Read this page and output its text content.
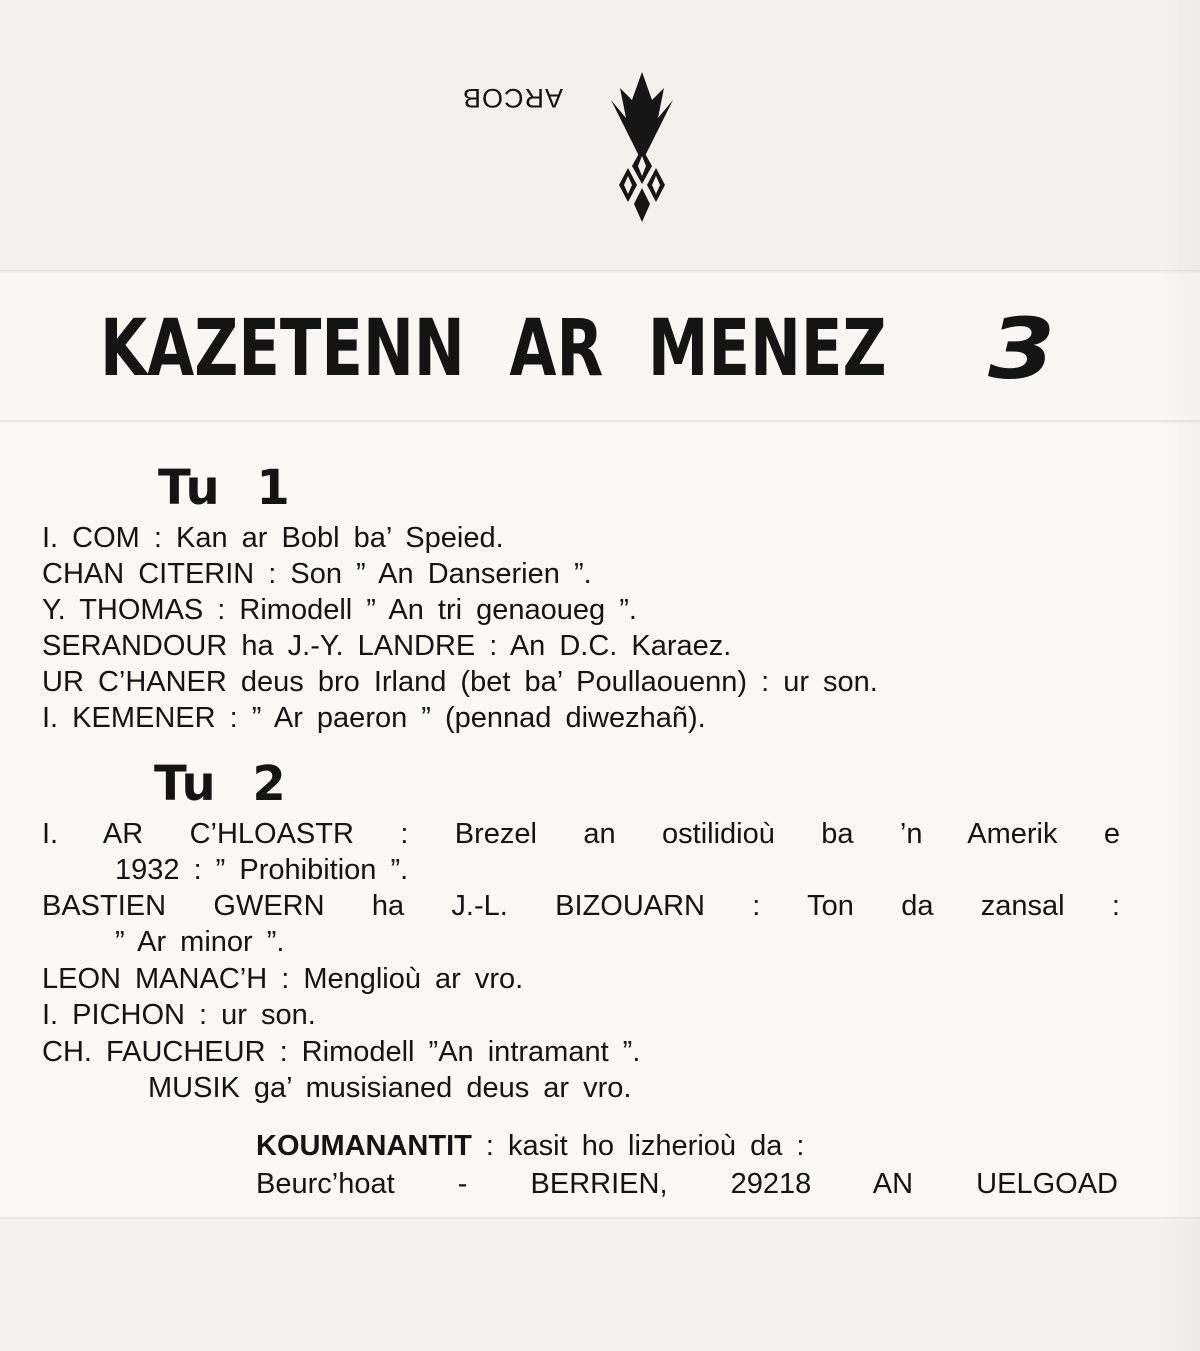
ARCOB
KAZETENN AR MENEZ 3
Tu 1
I. COM : Kan ar Bobl ba’ Speied.
CHAN CITERIN : Son ” An Danserien ”.
Y. THOMAS : Rimodell ” An tri genaoueg ”.
SERANDOUR ha J.-Y. LANDRE : An D.C. Karaez.
UR C’HANER deus bro Irland (bet ba’ Poullaouenn) : ur son.
I. KEMENER : ” Ar paeron ” (pennad diwezhañ).
Tu 2
I. AR C’HLOASTR : Brezel an ostilidioù ba ’n Amerik e
1932 : ” Prohibition ”.
BASTIEN GWERN ha J.-L. BIZOUARN : Ton da zansal :
” Ar minor ”.
LEON MANAC’H : Menglioù ar vro.
I. PICHON : ur son.
CH. FAUCHEUR : Rimodell ”An intramant ”.
MUSIK ga’ musisianed deus ar vro.
KOUMANANTIT : kasit ho lizherioù da :
Beurc’hoat - BERRIEN, 29218 AN UELGOAD
